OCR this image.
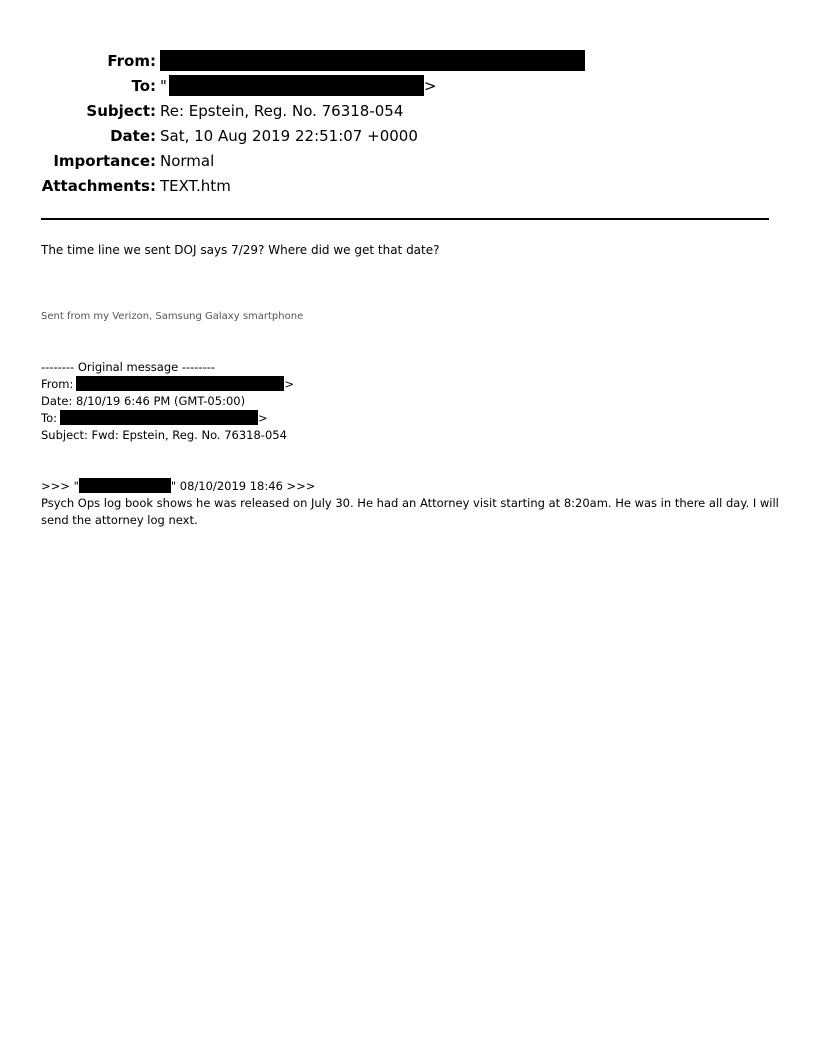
From:
To: "	>
Subject: Re: Epstein, Reg. No. 76318-054
Date: Sat, 10 Aug 2019 22:51:07 +0000
Importance: Normal
Attachments: TEXT.htm
The time line we sent DOJ says 7/29? Where did we get that date?
Sent from my Verizon, Samsung Galaxy smartphone
-------- Original message --------
From:	>
Date: 8/10/19 6:46 PM (GMT-05:00)
To:	>
Subject: Fwd: Epstein, Reg. No. 76318-054
>>> "	" 08/10/2019 18:46 >>>
Psych Ops log book shows he was released on July 30. He had an Attorney visit starting at 8:20am. He was in there all day. I will send the attorney log next.
